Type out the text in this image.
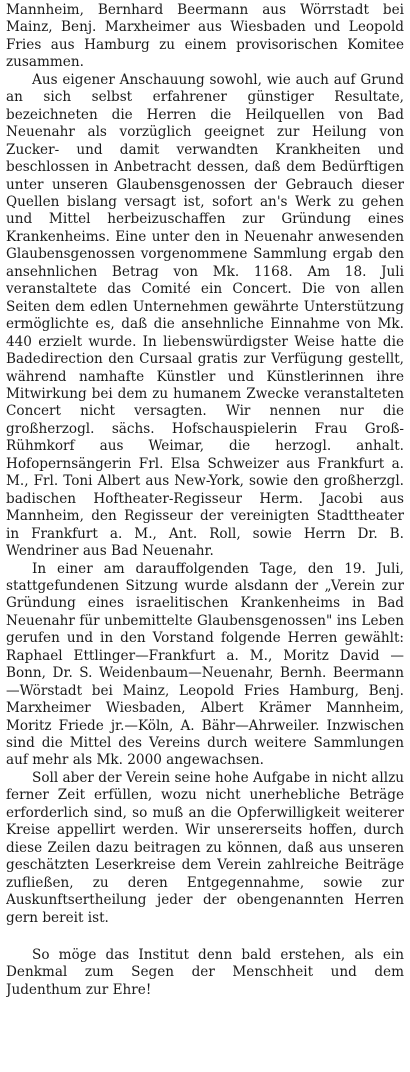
Mannheim, Bernhard Beermann aus Wörrstadt bei Mainz, Benj. Marxheimer aus Wiesbaden und Leopold Fries aus Hamburg zu einem provisorischen Komitee zusammen.

Aus eigener Anschauung sowohl, wie auch auf Grund an sich selbst erfahrener günstiger Resultate, bezeichneten die Herren die Heilquellen von Bad Neuenahr als vorzüglich geeignet zur Heilung von Zucker- und damit verwandten Krankheiten und beschlossen in Anbetracht dessen, daß dem Bedürftigen unter unseren Glaubensgenossen der Gebrauch dieser Quellen bislang versagt ist, sofort an's Werk zu gehen und Mittel herbeizuschaffen zur Gründung eines Krankenheims. Eine unter den in Neuenahr anwesenden Glaubensgenossen vorgenommene Sammlung ergab den ansehnlichen Betrag von Mk. 1168. Am 18. Juli veranstaltete das Comité ein Concert. Die von allen Seiten dem edlen Unternehmen gewährte Unterstützung ermöglichte es, daß die ansehnliche Einnahme von Mk. 440 erzielt wurde. In liebenswürdigster Weise hatte die Badedirection den Cursaal gratis zur Verfügung gestellt, während namhafte Künstler und Künstlerinnen ihre Mitwirkung bei dem zu humanem Zwecke veranstalteten Concert nicht versagten. Wir nennen nur die großherzogl. sächs. Hofschauspielerin Frau Groß-Rühmkorf aus Weimar, die herzogl. anhalt. Hofopernsängerin Frl. Elsa Schweizer aus Frankfurt a. M., Frl. Toni Albert aus New-York, sowie den großherzgl. badischen Hoftheater-Regisseur Herm. Jacobi aus Mannheim, den Regisseur der vereinigten Stadttheater in Frankfurt a. M., Ant. Roll, sowie Herrn Dr. B. Wendriner aus Bad Neuenahr.

In einer am darauffolgenden Tage, den 19. Juli, stattgefundenen Sitzung wurde alsdann der „Verein zur Gründung eines israelitischen Krankenheims in Bad Neuenahr für unbemittelte Glaubensgenossen" ins Leben gerufen und in den Vorstand folgende Herren gewählt: Raphael Ettlinger—Frankfurt a. M., Moritz David — Bonn, Dr. S. Weidenbaum—Neuenahr, Bernh. Beermann—Wörstadt bei Mainz, Leopold Fries Hamburg, Benj. Marxheimer Wiesbaden, Albert Krämer Mannheim, Moritz Friede jr.—Köln, A. Bähr—Ahrweiler. Inzwischen sind die Mittel des Vereins durch weitere Sammlungen auf mehr als Mk. 2000 angewachsen.

Soll aber der Verein seine hohe Aufgabe in nicht allzu ferner Zeit erfüllen, wozu nicht unerhebliche Beträge erforderlich sind, so muß an die Opferwilligkeit weiterer Kreise appellirt werden. Wir unsererseits hoffen, durch diese Zeilen dazu beitragen zu können, daß aus unseren geschätzten Leserkreise dem Verein zahlreiche Beiträge zufließen, zu deren Entgegennahme, sowie zur Auskunftsertheilung jeder der obengenannten Herren gern bereit ist.

So möge das Institut denn bald erstehen, als ein Denkmal zum Segen der Menschheit und dem Judenthum zur Ehre!
